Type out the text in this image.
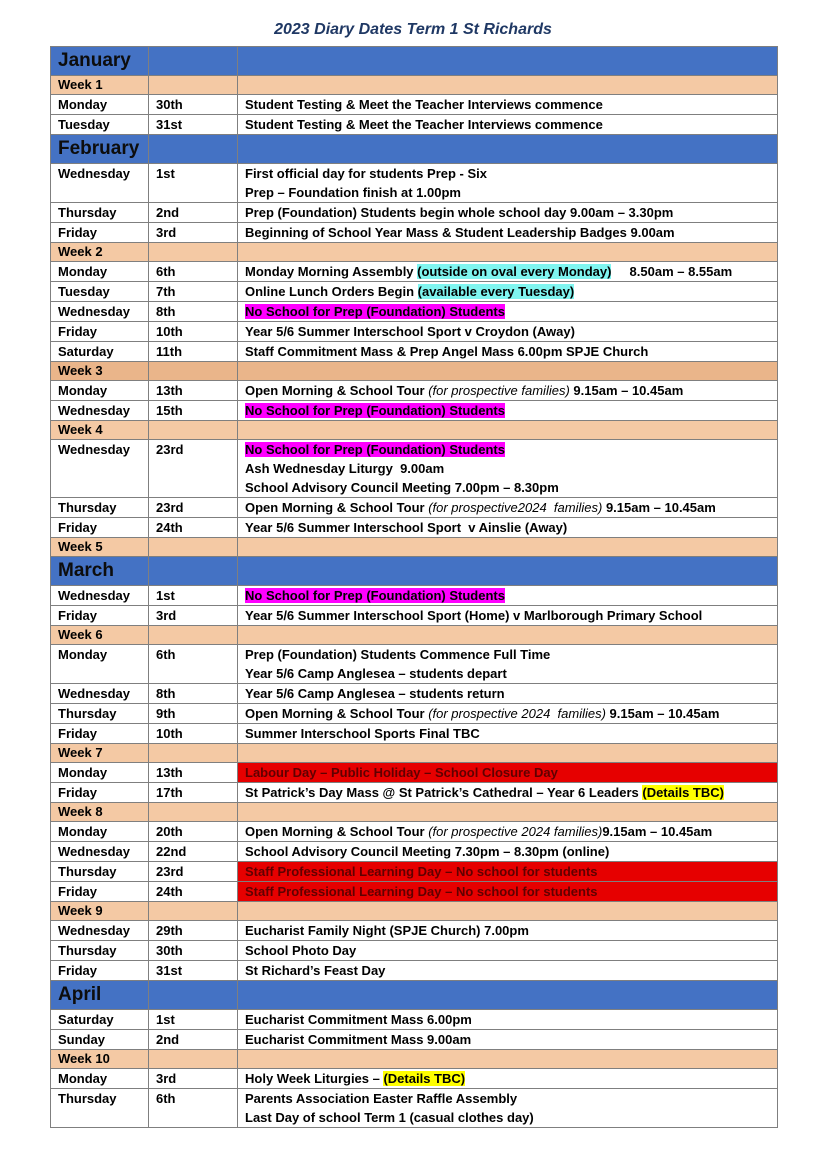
2023 Diary Dates Term 1 St Richards
January		
Week 1		
Monday	30th	Student Testing & Meet the Teacher Interviews commence

Tuesday	31st	Student Testing & Meet the Teacher Interviews commence

February		
Wednesday	1st	First official day for students Prep - Six
Prep – Foundation finish at 1.00pm

Thursday	2nd	Prep (Foundation) Students begin whole school day 9.00am – 3.30pm

Friday	3rd	Beginning of School Year Mass & Student Leadership Badges 9.00am

Week 2		
Monday	6th	Monday Morning Assembly (outside on oval every Monday)     8.50am – 8.55am

Tuesday	7th	Online Lunch Orders Begin (available every Tuesday)

Wednesday	8th	No School for Prep (Foundation) Students

Friday	10th	Year 5/6 Summer Interschool Sport v Croydon (Away)

Saturday	11th	Staff Commitment Mass & Prep Angel Mass 6.00pm SPJE Church

Week 3		
Monday	13th	Open Morning & School Tour (for prospective families) 9.15am – 10.45am

Wednesday	15th	No School for Prep (Foundation) Students

Week 4		
Wednesday	23rd	No School for Prep (Foundation) Students
Ash Wednesday Liturgy  9.00am
School Advisory Council Meeting 7.00pm – 8.30pm

Thursday	23rd	Open Morning & School Tour (for prospective2024  families) 9.15am – 10.45am

Friday	24th	Year 5/6 Summer Interschool Sport  v Ainslie (Away)

Week 5		
March		
Wednesday	1st	No School for Prep (Foundation) Students

Friday	3rd	Year 5/6 Summer Interschool Sport (Home) v Marlborough Primary School

Week 6		
Monday	6th	Prep (Foundation) Students Commence Full Time
Year 5/6 Camp Anglesea – students depart

Wednesday	8th	Year 5/6 Camp Anglesea – students return

Thursday	9th	Open Morning & School Tour (for prospective 2024  families) 9.15am – 10.45am

Friday	10th	Summer Interschool Sports Final TBC

Week 7		
Monday	13th	Labour Day – Public Holiday – School Closure Day

Friday	17th	St Patrick’s Day Mass @ St Patrick’s Cathedral – Year 6 Leaders (Details TBC)

Week 8		
Monday	20th	Open Morning & School Tour (for prospective 2024 families)9.15am – 10.45am

Wednesday	22nd	School Advisory Council Meeting 7.30pm – 8.30pm (online)

Thursday	23rd	Staff Professional Learning Day – No school for students

Friday	24th	Staff Professional Learning Day – No school for students

Week 9		
Wednesday	29th	Eucharist Family Night (SPJE Church) 7.00pm

Thursday	30th	School Photo Day

Friday	31st	St Richard’s Feast Day

April		
Saturday	1st	Eucharist Commitment Mass 6.00pm

Sunday	2nd	Eucharist Commitment Mass 9.00am

Week 10		
Monday	3rd	Holy Week Liturgies – (Details TBC)

Thursday	6th	Parents Association Easter Raffle Assembly
Last Day of school Term 1 (casual clothes day)
